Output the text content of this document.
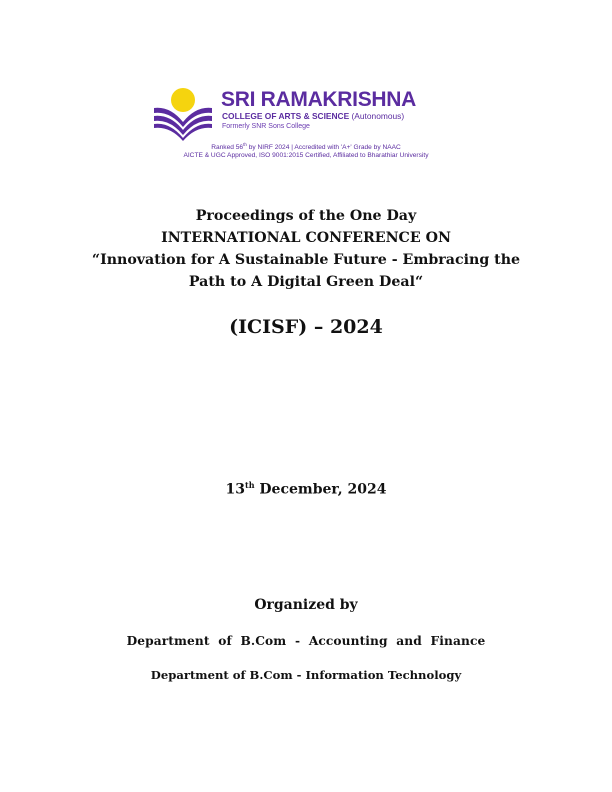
SRI RAMAKRISHNA

COLLEGE OF ARTS & SCIENCE (Autonomous)
Formerly SNR Sons College
Ranked 56th by NIRF 2024 | Accredited with 'A+' Grade by NAAC
AICTE & UGC Approved, ISO 9001:2015 Certified, Affiliated to Bharathiar University

Proceedings of the One Day

INTERNATIONAL CONFERENCE ON

“Innovation for A Sustainable Future - Embracing the

Path to A Digital Green Deal“

(ICISF) – 2024

13th December, 2024

Organized by

Department  of  B.Com  -  Accounting  and  Finance
Department of B.Com - Information Technology
